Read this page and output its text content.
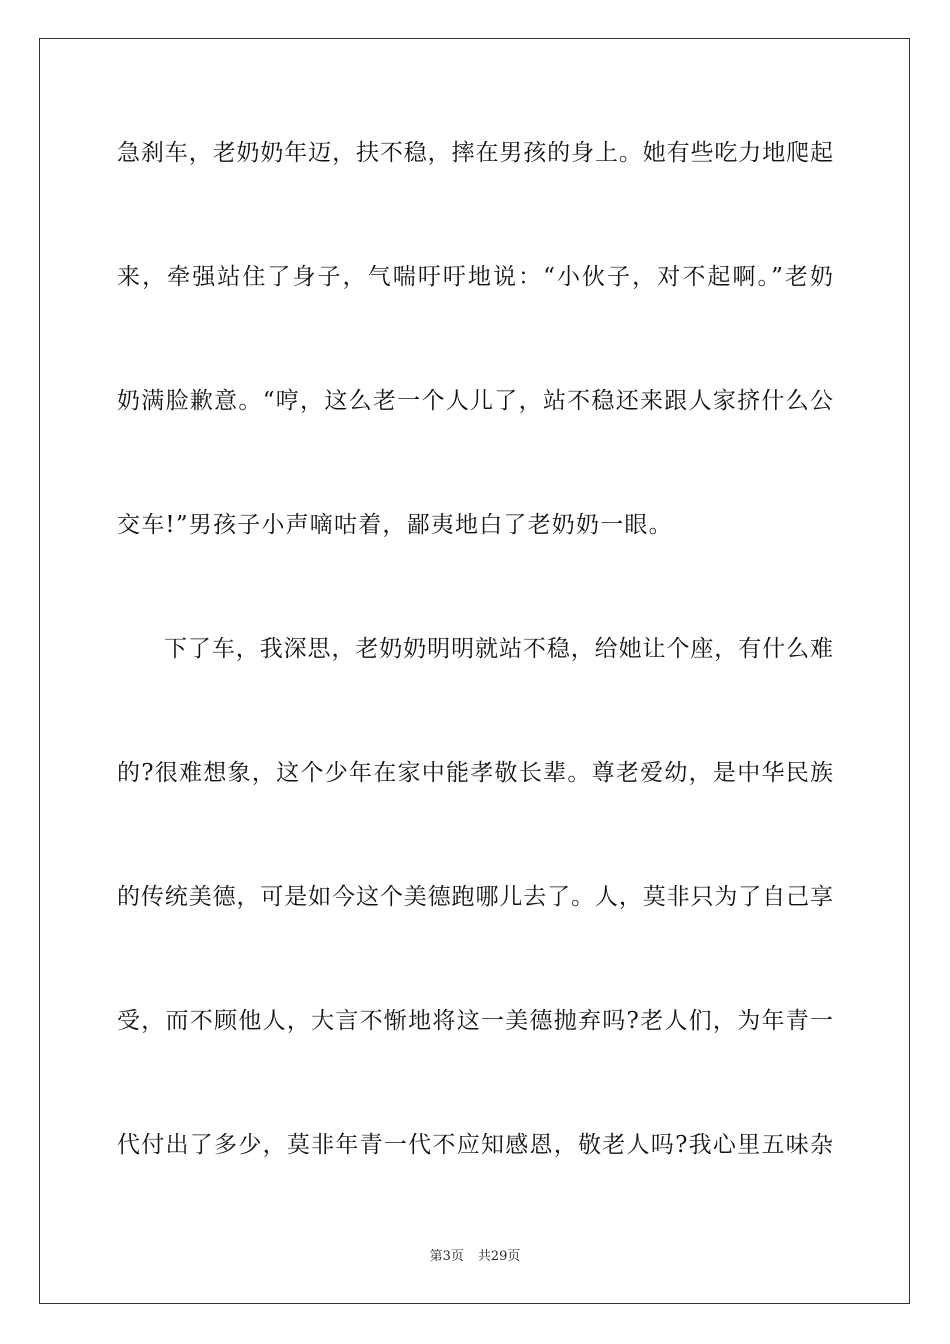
急刹车，老奶奶年迈，扶不稳，摔在男孩的身上。她有些吃力地爬起
来，牵强站住了身子，气喘吁吁地说：“小伙子，对不起啊。”老奶
奶满脸歉意。“哼，这么老一个人儿了，站不稳还来跟人家挤什么公
交车!”男孩子小声嘀咕着，鄙夷地白了老奶奶一眼。
下了车，我深思，老奶奶明明就站不稳，给她让个座，有什么难
的?很难想象，这个少年在家中能孝敬长辈。尊老爱幼，是中华民族
的传统美德，可是如今这个美德跑哪儿去了。人，莫非只为了自己享
受，而不顾他人，大言不惭地将这一美德抛弃吗?老人们，为年青一
代付出了多少，莫非年青一代不应知感恩，敬老人吗?我心里五味杂
第3页 共29页
